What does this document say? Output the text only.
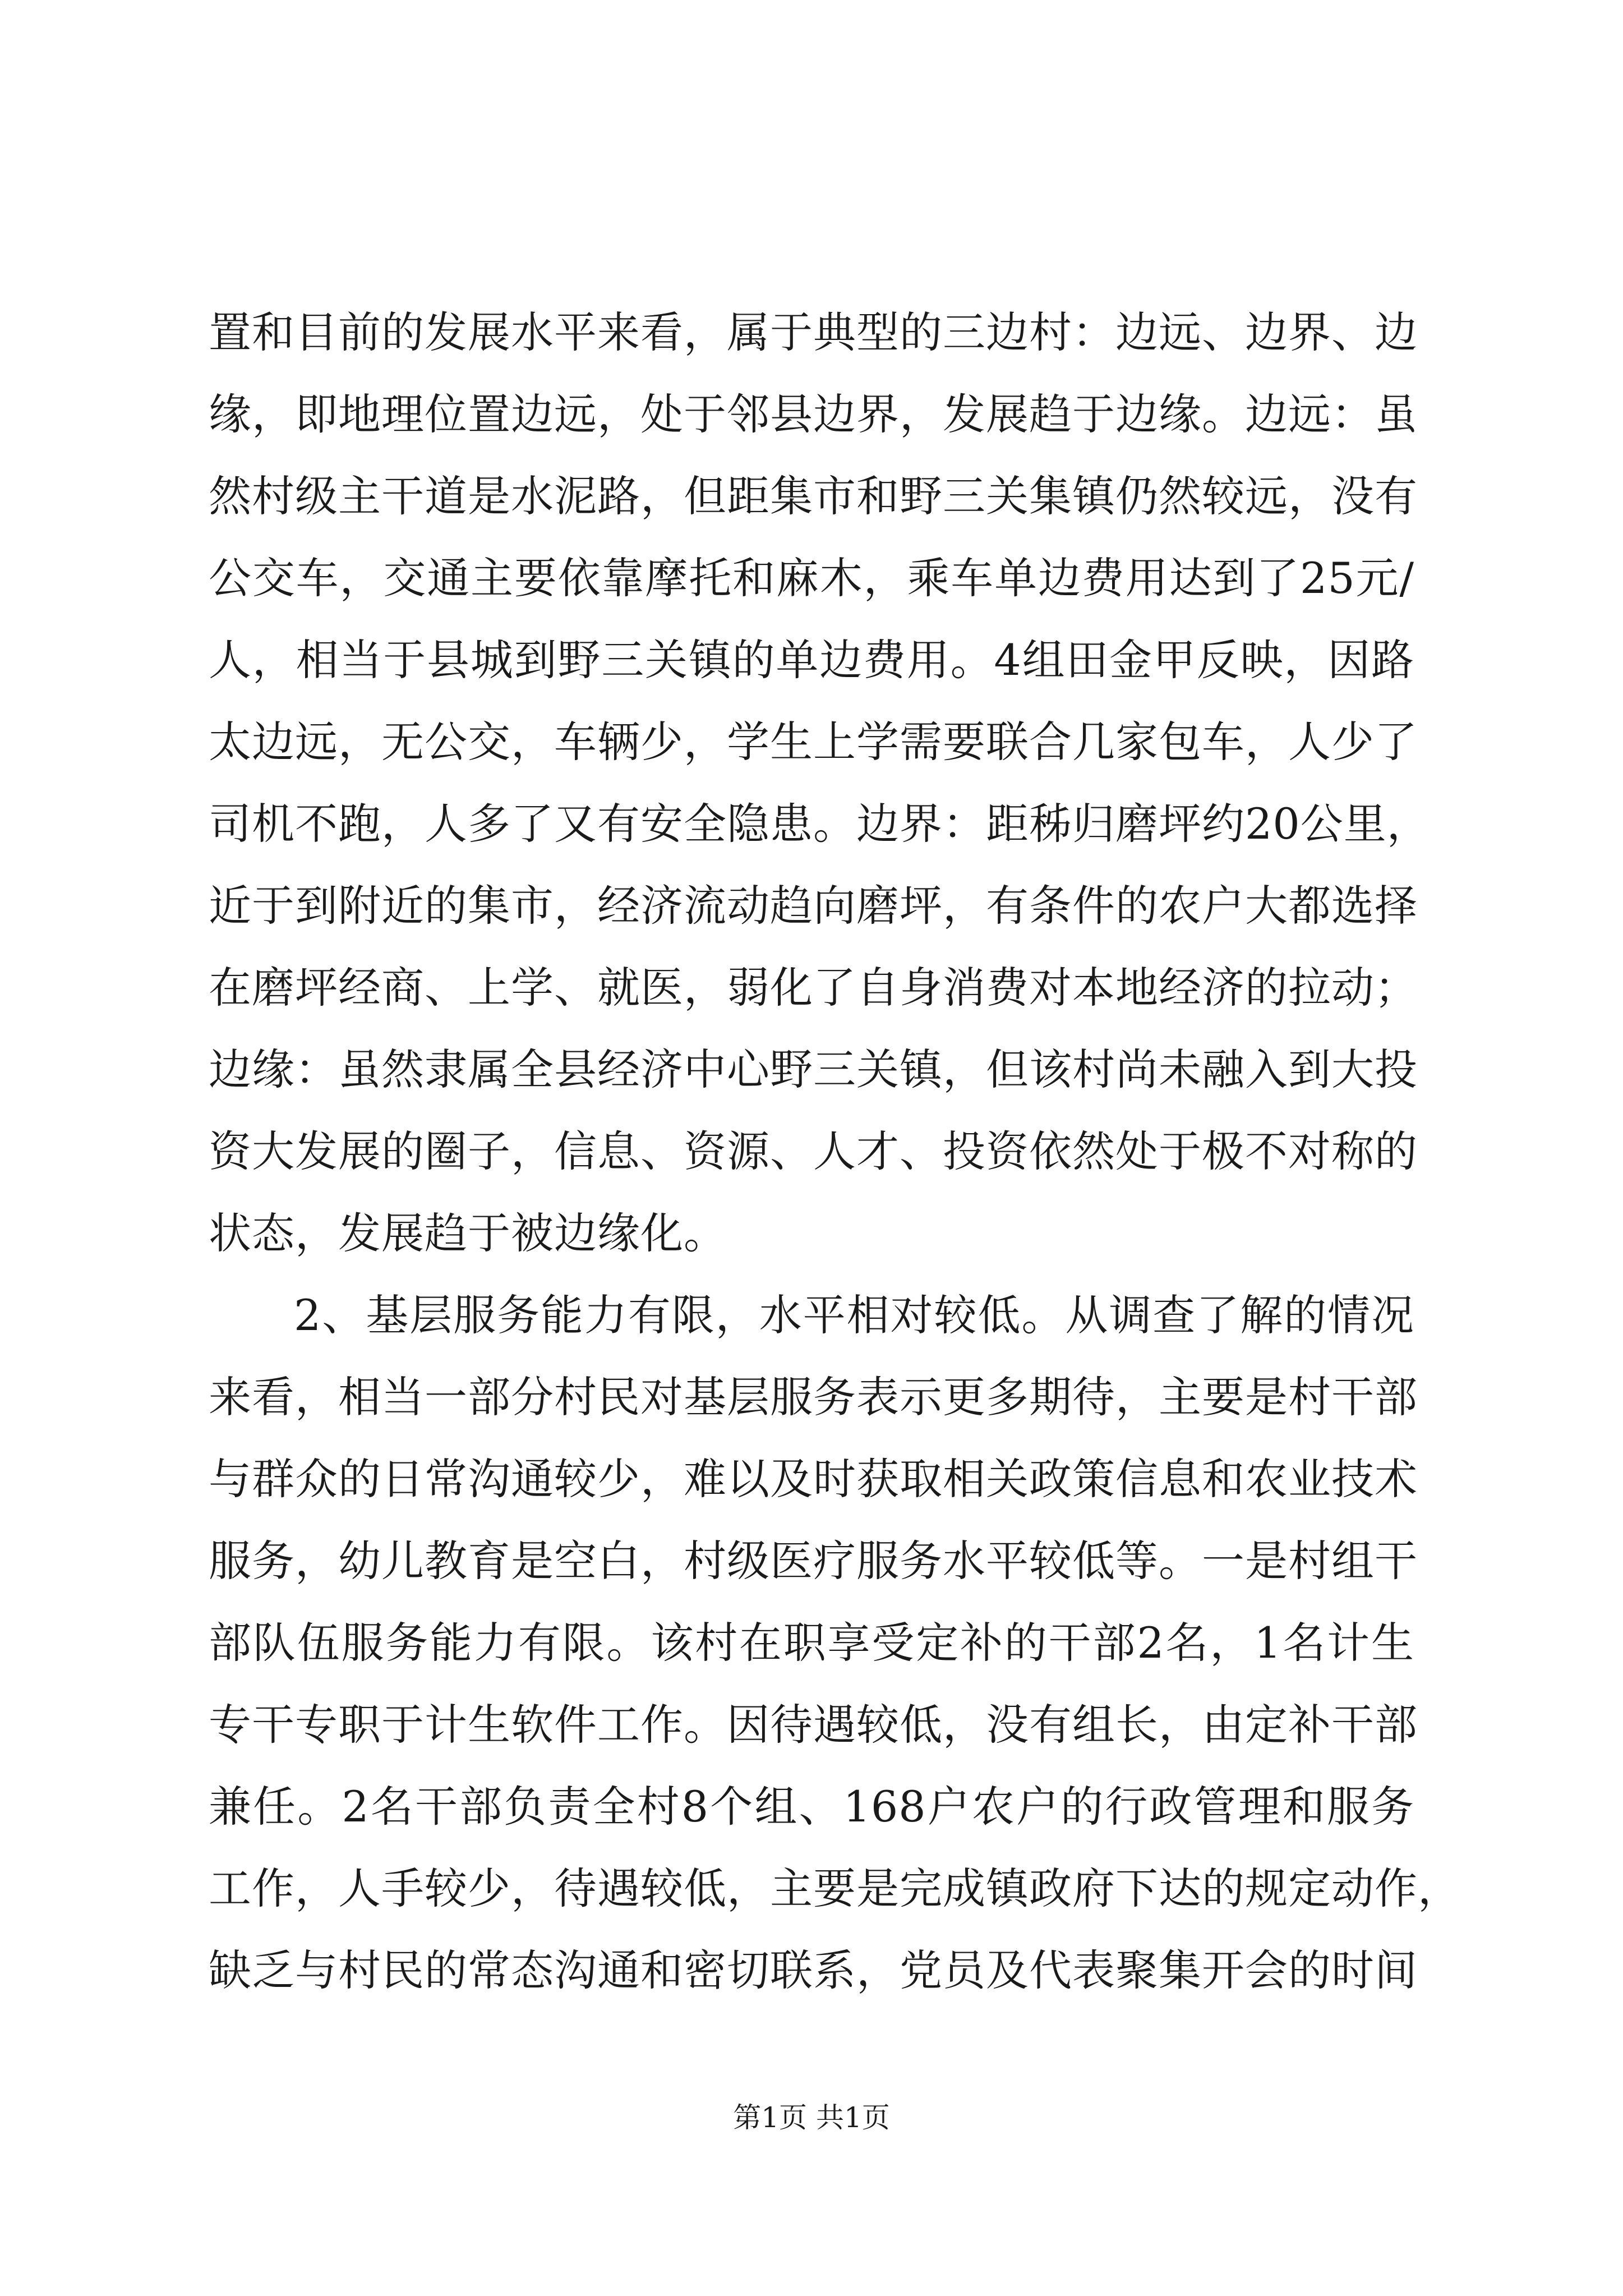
置和目前的发展水平来看，属于典型的三边村：边远、边界、边
缘，即地理位置边远，处于邻县边界，发展趋于边缘。边远：虽
然村级主干道是水泥路，但距集市和野三关集镇仍然较远，没有
公交车，交通主要依靠摩托和麻木，乘车单边费用达到了25元/
人，相当于县城到野三关镇的单边费用。4组田金甲反映，因路
太边远，无公交，车辆少，学生上学需要联合几家包车，人少了
司机不跑，人多了又有安全隐患。边界：距秭归磨坪约20公里，
近于到附近的集市，经济流动趋向磨坪，有条件的农户大都选择
在磨坪经商、上学、就医，弱化了自身消费对本地经济的拉动；
边缘：虽然隶属全县经济中心野三关镇，但该村尚未融入到大投
资大发展的圈子，信息、资源、人才、投资依然处于极不对称的
状态，发展趋于被边缘化。
2、基层服务能力有限，水平相对较低。从调查了解的情况
来看，相当一部分村民对基层服务表示更多期待，主要是村干部
与群众的日常沟通较少，难以及时获取相关政策信息和农业技术
服务，幼儿教育是空白，村级医疗服务水平较低等。一是村组干
部队伍服务能力有限。该村在职享受定补的干部2名，1名计生
专干专职于计生软件工作。因待遇较低，没有组长，由定补干部
兼任。2名干部负责全村8个组、168户农户的行政管理和服务
工作，人手较少，待遇较低，主要是完成镇政府下达的规定动作，
缺乏与村民的常态沟通和密切联系，党员及代表聚集开会的时间
第1页 共1页
